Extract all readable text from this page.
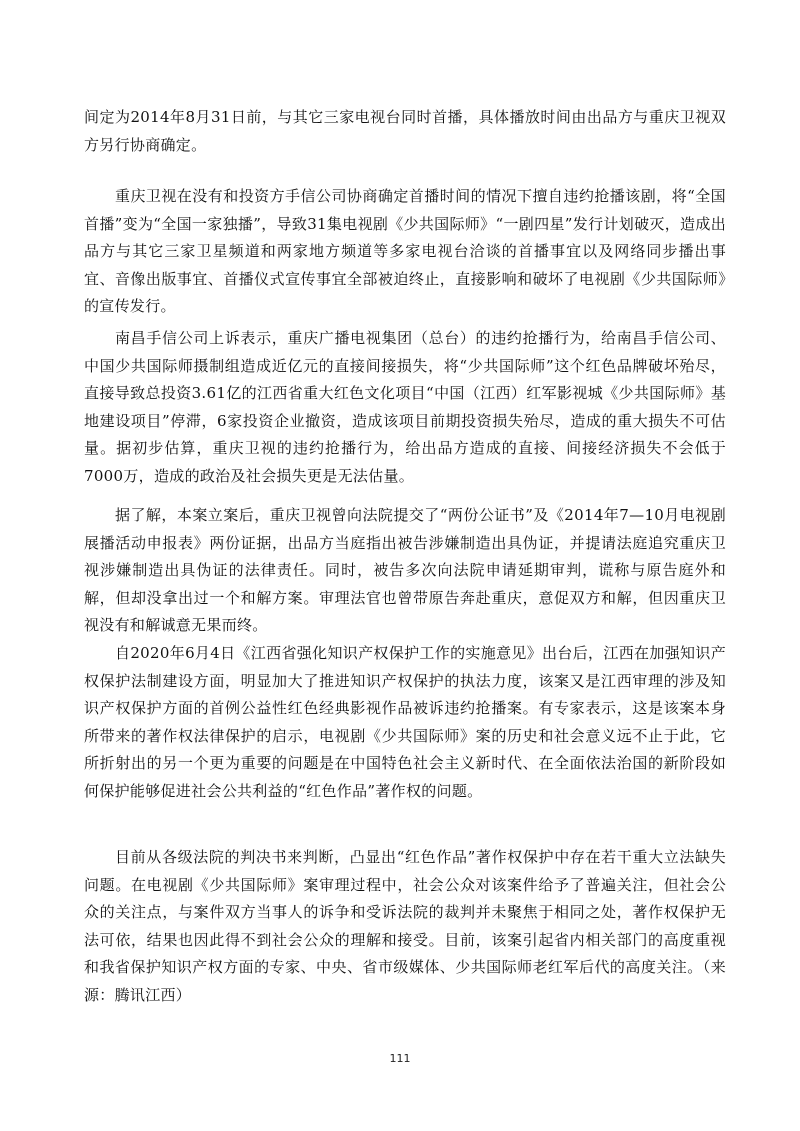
间定为2014年8月31日前，与其它三家电视台同时首播，具体播放时间由出品方与重庆卫视双方另行协商确定。

重庆卫视在没有和投资方手信公司协商确定首播时间的情况下擅自违约抢播该剧，将“全国首播”变为“全国一家独播”，导致31集电视剧《少共国际师》“一剧四星”发行计划破灭，造成出品方与其它三家卫星频道和两家地方频道等多家电视台洽谈的首播事宜以及网络同步播出事宜、音像出版事宜、首播仪式宣传事宜全部被迫终止，直接影响和破坏了电视剧《少共国际师》的宣传发行。

南昌手信公司上诉表示，重庆广播电视集团（总台）的违约抢播行为，给南昌手信公司、中国少共国际师摄制组造成近亿元的直接间接损失，将“少共国际师”这个红色品牌破坏殆尽，直接导致总投资3.61亿的江西省重大红色文化项目“中国（江西）红军影视城《少共国际师》基地建设项目”停滞，6家投资企业撤资，造成该项目前期投资损失殆尽，造成的重大损失不可估量。据初步估算，重庆卫视的违约抢播行为，给出品方造成的直接、间接经济损失不会低于7000万，造成的政治及社会损失更是无法估量。

据了解，本案立案后，重庆卫视曾向法院提交了“两份公证书”及《2014年7—10月电视剧展播活动申报表》两份证据，出品方当庭指出被告涉嫌制造出具伪证，并提请法庭追究重庆卫视涉嫌制造出具伪证的法律责任。同时，被告多次向法院申请延期审判，谎称与原告庭外和解，但却没拿出过一个和解方案。审理法官也曾带原告奔赴重庆，意促双方和解，但因重庆卫视没有和解诚意无果而终。

自2020年6月4日《江西省强化知识产权保护工作的实施意见》出台后，江西在加强知识产权保护法制建设方面，明显加大了推进知识产权保护的执法力度，该案又是江西审理的涉及知识产权保护方面的首例公益性红色经典影视作品被诉违约抢播案。有专家表示，这是该案本身所带来的著作权法律保护的启示，电视剧《少共国际师》案的历史和社会意义远不止于此，它所折射出的另一个更为重要的问题是在中国特色社会主义新时代、在全面依法治国的新阶段如何保护能够促进社会公共利益的“红色作品”著作权的问题。

目前从各级法院的判决书来判断，凸显出“红色作品”著作权保护中存在若干重大立法缺失问题。在电视剧《少共国际师》案审理过程中，社会公众对该案件给予了普遍关注，但社会公众的关注点，与案件双方当事人的诉争和受诉法院的裁判并未聚焦于相同之处，著作权保护无法可依，结果也因此得不到社会公众的理解和接受。目前，该案引起省内相关部门的高度重视和我省保护知识产权方面的专家、中央、省市级媒体、少共国际师老红军后代的高度关注。（来源：腾讯江西）

111
